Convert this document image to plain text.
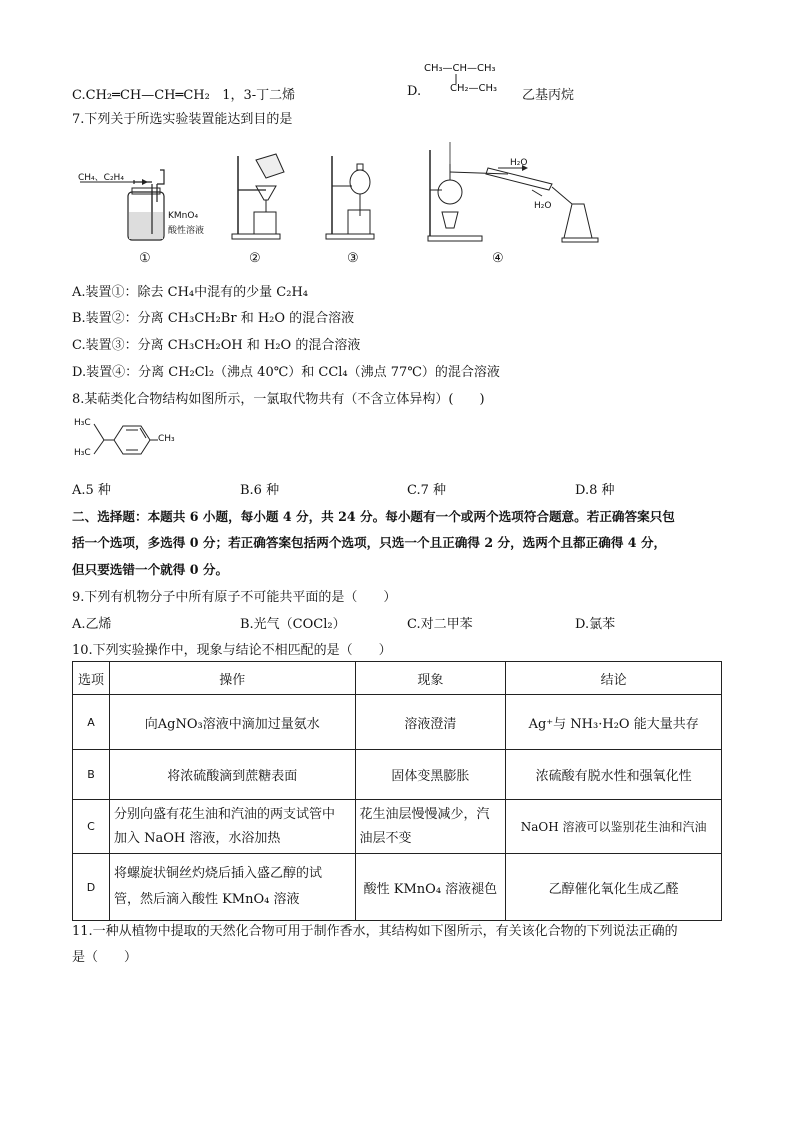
C.CH₂═CH—CH═CH₂ 1，3-丁二烯	D.
CH₃—CH—CH₃
CH₂—CH₃ 乙基丙烷
7.下列关于所选实验装置能达到目的是
CH₄、C₂H₄
KMnO₄
酸性溶液
H₂O
H₂O
①	②	③	④
A.装置①：除去 CH₄中混有的少量 C₂H₄
B.装置②：分离 CH₃CH₂Br 和 H₂O 的混合溶液
C.装置③：分离 CH₃CH₂OH 和 H₂O 的混合溶液
D.装置④：分离 CH₂Cl₂（沸点 40℃）和 CCl₄（沸点 77℃）的混合溶液
8.某萜类化合物结构如图所示，一氯取代物共有（不含立体异构）(　　)
H₃C
H₃C
CH₃
A.5 种	B.6 种	C.7 种	D.8 种
二、选择题：本题共 6 小题，每小题 4 分，共 24 分。每小题有一个或两个选项符合题意。若正确答案只包
括一个选项，多选得 0 分；若正确答案包括两个选项，只选一个且正确得 2 分，选两个且都正确得 4 分，
但只要选错一个就得 0 分。
9.下列有机物分子中所有原子不可能共平面的是（　　）
A.乙烯	B.光气（COCl₂）	C.对二甲苯	D.氯苯
10.下列实验操作中，现象与结论不相匹配的是（　　）
选项	操作	现象	结论
A	向AgNO₃溶液中滴加过量氨水	溶液澄清	Ag⁺与 NH₃·H₂O 能大量共存
B	将浓硫酸滴到蔗糖表面	固体变黑膨胀	浓硫酸有脱水性和强氧化性
C	分别向盛有花生油和汽油的两支试管中
加入 NaOH 溶液，水浴加热	花生油层慢慢减少，汽
油层不变	NaOH 溶液可以鉴别花生油和汽油
D	将螺旋状铜丝灼烧后插入盛乙醇的试
管，然后滴入酸性 KMnO₄ 溶液	酸性 KMnO₄ 溶液褪色	乙醇催化氧化生成乙醛
11.一种从植物中提取的天然化合物可用于制作香水，其结构如下图所示，有关该化合物的下列说法正确的
是（　　）
